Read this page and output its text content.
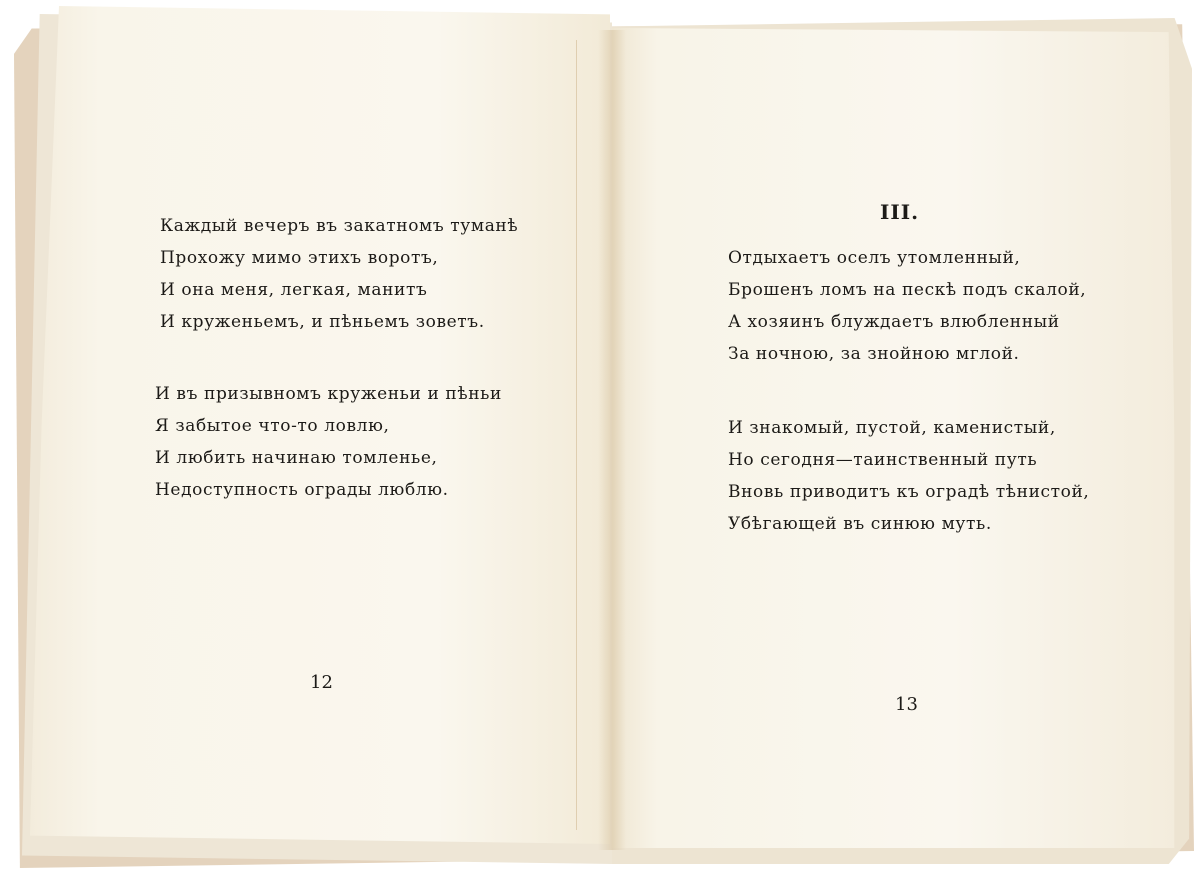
Каждый вечеръ въ закатномъ туманѣ
Прохожу мимо этихъ воротъ,
И она меня, легкая, манитъ
И круженьемъ, и пѣньемъ зоветъ.
И въ призывномъ круженьи и пѣньи
Я забытое что-то ловлю,
И любить начинаю томленье,
Недоступность ограды люблю.
12
III.
Отдыхаетъ оселъ утомленный,
Брошенъ ломъ на пескѣ подъ скалой,
А хозяинъ блуждаетъ влюбленный
За ночною, за знойною мглой.
И знакомый, пустой, каменистый,
Но сегодня—таинственный путь
Вновь приводитъ къ оградѣ тѣнистой,
Убѣгающей въ синюю муть.
13
